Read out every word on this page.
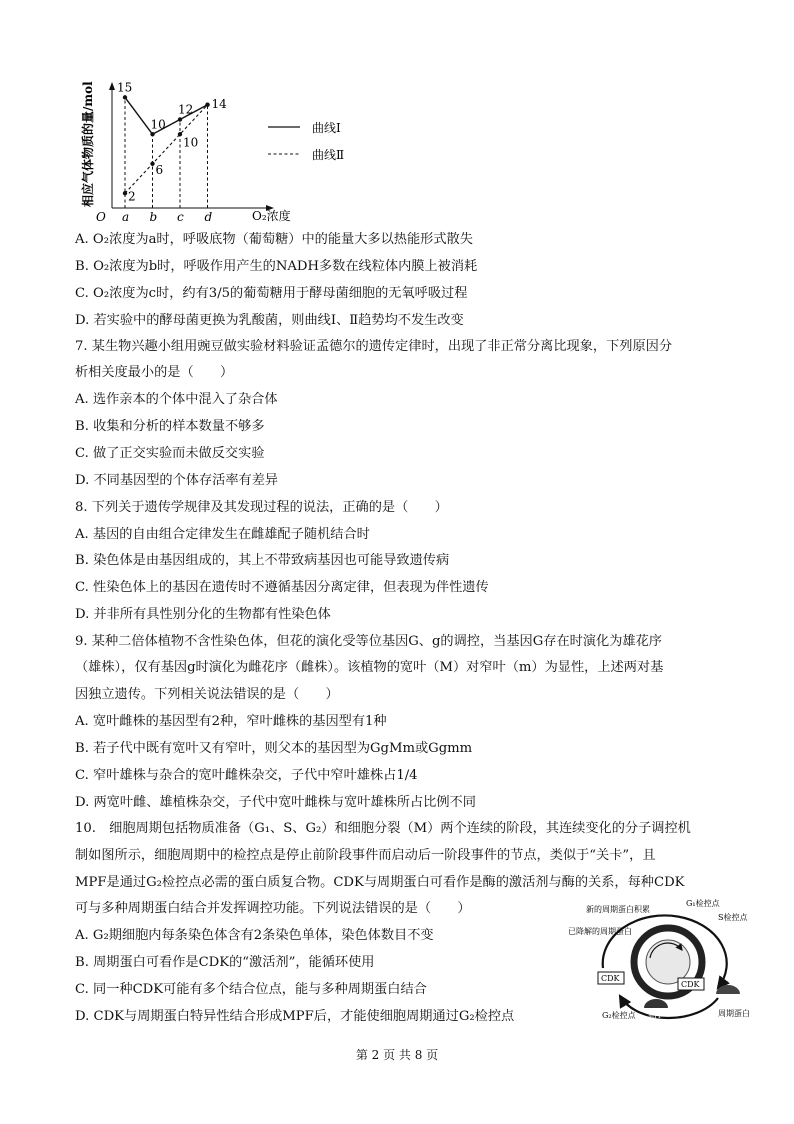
相应气体物质的量/mol
O	O₂浓度
a b c d
15
10
12 14
2
6
10
曲线Ⅰ
曲线Ⅱ
A. O₂浓度为a时，呼吸底物（葡萄糖）中的能量大多以热能形式散失
B. O₂浓度为b时，呼吸作用产生的NADH多数在线粒体内膜上被消耗
C. O₂浓度为c时，约有3/5的葡萄糖用于酵母菌细胞的无氧呼吸过程
D. 若实验中的酵母菌更换为乳酸菌，则曲线Ⅰ、Ⅱ趋势均不发生改变
7. 某生物兴趣小组用豌豆做实验材料验证孟德尔的遗传定律时，出现了非正常分离比现象，下列原因分
析相关度最小的是（　　）
A. 选作亲本的个体中混入了杂合体
B. 收集和分析的样本数量不够多
C. 做了正交实验而未做反交实验
D. 不同基因型的个体存活率有差异
8. 下列关于遗传学规律及其发现过程的说法，正确的是（　　）
A. 基因的自由组合定律发生在雌雄配子随机结合时
B. 染色体是由基因组成的，其上不带致病基因也可能导致遗传病
C. 性染色体上的基因在遗传时不遵循基因分离定律，但表现为伴性遗传
D. 并非所有具性别分化的生物都有性染色体
9. 某种二倍体植物不含性染色体，但花的演化受等位基因G、g的调控，当基因G存在时演化为雄花序
（雄株），仅有基因g时演化为雌花序（雌株）。该植物的宽叶（M）对窄叶（m）为显性，上述两对基
因独立遗传。下列相关说法错误的是（　　）
A. 宽叶雌株的基因型有2种，窄叶雌株的基因型有1种
B. 若子代中既有宽叶又有窄叶，则父本的基因型为GgMm或Ggmm
C. 窄叶雄株与杂合的宽叶雌株杂交，子代中窄叶雄株占1/4
D. 两宽叶雌、雄植株杂交，子代中宽叶雌株与宽叶雄株所占比例不同
10.　细胞周期包括物质准备（G₁、S、G₂）和细胞分裂（M）两个连续的阶段，其连续变化的分子调控机
制如图所示，细胞周期中的检控点是停止前阶段事件而启动后一阶段事件的节点，类似于“关卡”，且
MPF是通过G₂检控点必需的蛋白质复合物。CDK与周期蛋白可看作是酶的激活剂与酶的关系，每种CDK
可与多种周期蛋白结合并发挥调控功能。下列说法错误的是（　　）
A. G₂期细胞内每条染色体含有2条染色单体，染色体数目不变
B. 周期蛋白可看作是CDK的“激活剂”，能循环使用
C. 同一种CDK可能有多个结合位点，能与多种周期蛋白结合
D. CDK与周期蛋白特异性结合形成MPF后，才能使细胞周期通过G₂检控点
新的周期蛋白积累
G₁检控点
S检控点
已降解的周期蛋白
CDK
CDK
周期蛋白
MPF
G₂检控点
第 2 页 共 8 页
